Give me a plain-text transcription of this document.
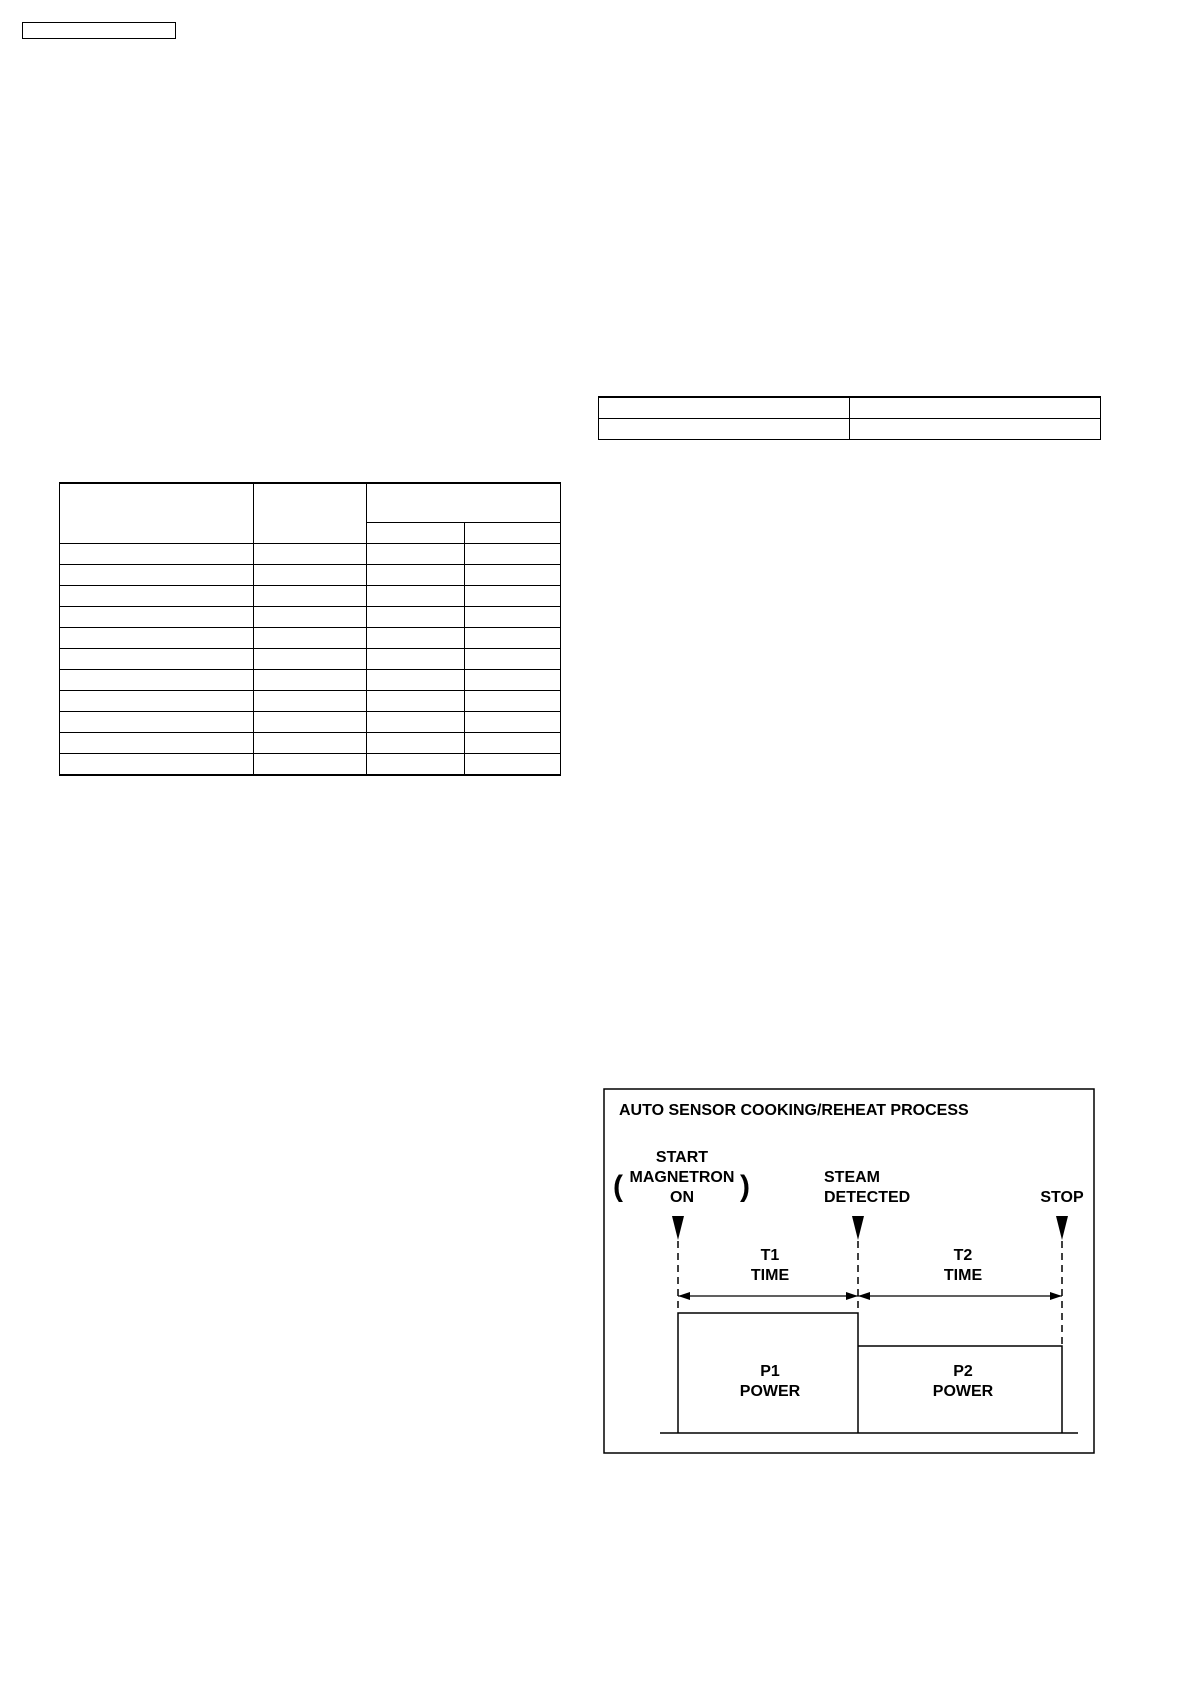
AUTO SENSOR COOKING/REHEAT PROCESS
START
MAGNETRON
ON
(	)	STEAM
DETECTED	STOP
T1
TIME
T2
TIME
P1
POWER
P2
POWER
